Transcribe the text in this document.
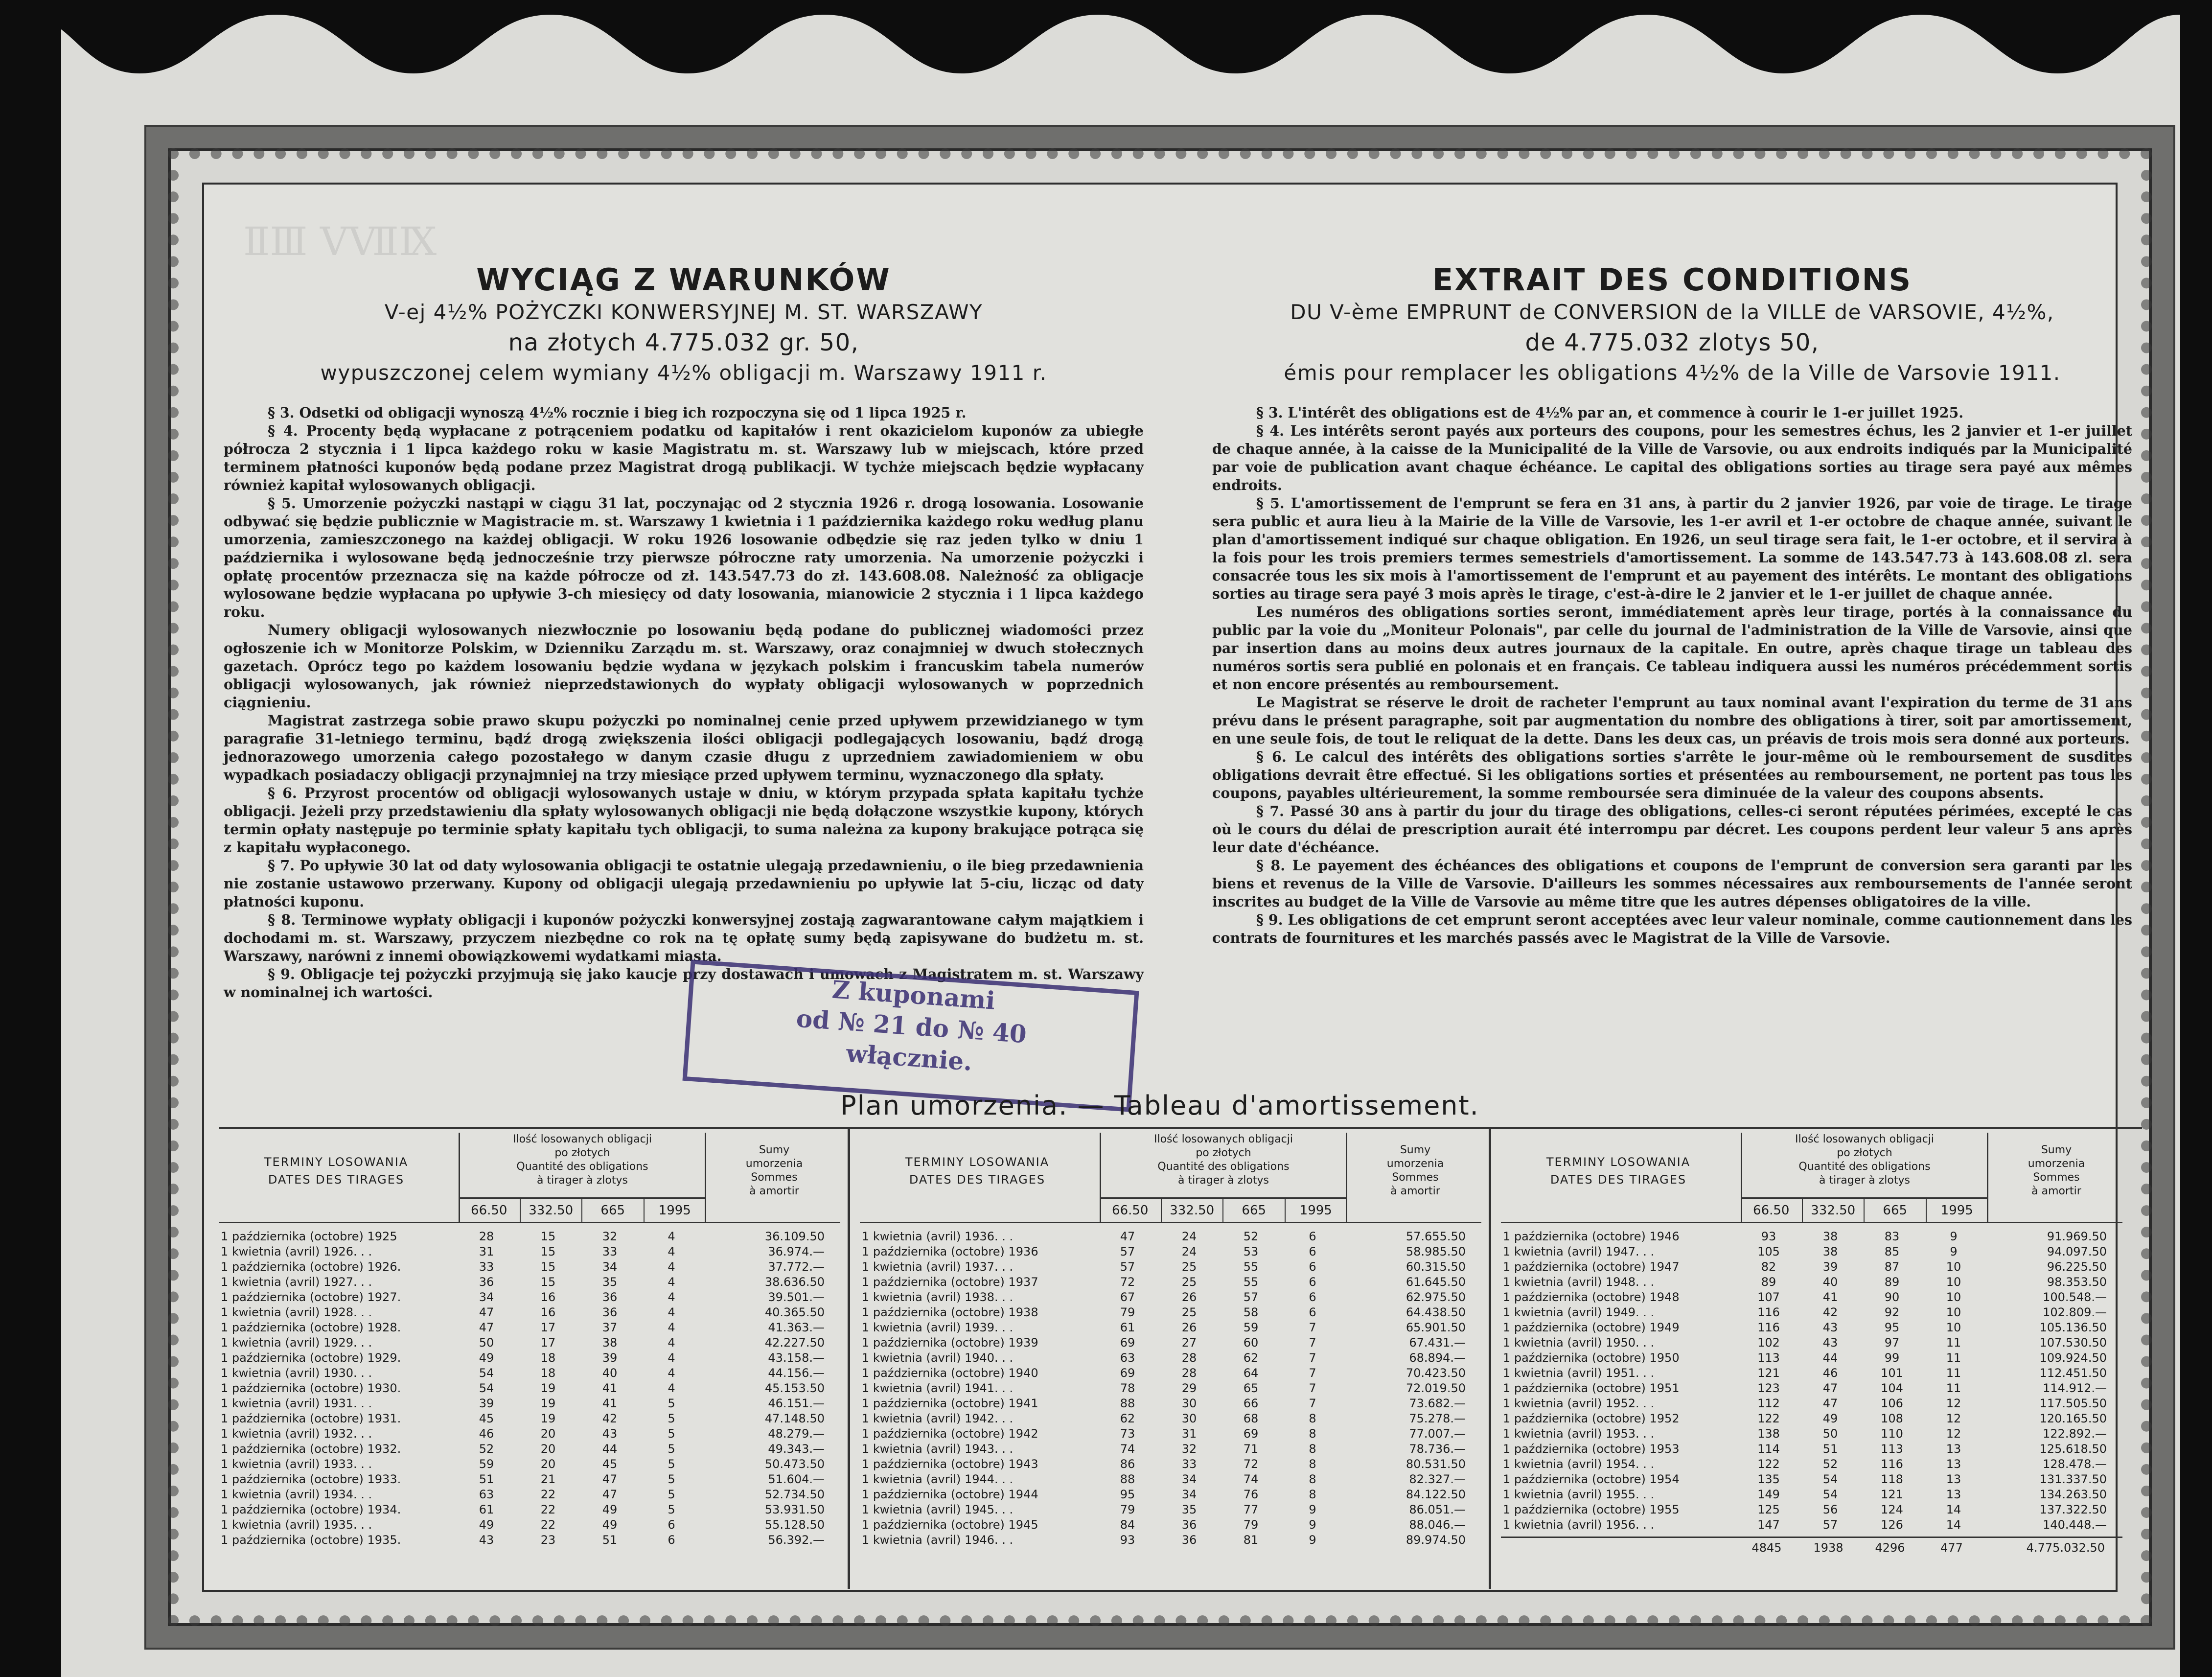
ⅡⅢ ⅤⅦⅨ
WYCIĄG Z WARUNKÓW
V-ej 4½% POŻYCZKI KONWERSYJNEJ M. ST. WARSZAWY
na złotych 4.775.032 gr. 50,
wypuszczonej celem wymiany 4½% obligacji m. Warszawy 1911 r.

§ 3. Odsetki od obligacji wynoszą 4½% rocznie i bieg ich rozpoczyna się od 1 lipca 1925 r.

§ 4. Procenty będą wypłacane z potrąceniem podatku od kapitałów i rent okazicielom kuponów za ubiegłe półrocza 2 stycznia i 1 lipca każdego roku w kasie Magistratu m. st. Warszawy lub w miejscach, które przed terminem płatności kuponów będą podane przez Magistrat drogą publikacji. W tychże miejscach będzie wypłacany również kapitał wylosowanych obligacji.

§ 5. Umorzenie pożyczki nastąpi w ciągu 31 lat, poczynając od 2 stycznia 1926 r. drogą losowania. Losowanie odbywać się będzie publicznie w Magistracie m. st. Warszawy 1 kwietnia i 1 października każdego roku według planu umorzenia, zamieszczonego na każdej obligacji. W roku 1926 losowanie odbędzie się raz jeden tylko w dniu 1 października i wylosowane będą jednocześnie trzy pierwsze półroczne raty umorzenia. Na umorzenie pożyczki i opłatę procentów przeznacza się na każde półrocze od zł. 143.547.73 do zł. 143.608.08. Należność za obligacje wylosowane będzie wypłacana po upływie 3-ch miesięcy od daty losowania, mianowicie 2 stycznia i 1 lipca każdego roku.

Numery obligacji wylosowanych niezwłocznie po losowaniu będą podane do publicznej wiadomości przez ogłoszenie ich w Monitorze Polskim, w Dzienniku Zarządu m. st. Warszawy, oraz conajmniej w dwuch stołecznych gazetach. Oprócz tego po każdem losowaniu będzie wydana w językach polskim i francuskim tabela numerów obligacji wylosowanych, jak również nieprzedstawionych do wypłaty obligacji wylosowanych w poprzednich ciągnieniu.

Magistrat zastrzega sobie prawo skupu pożyczki po nominalnej cenie przed upływem przewidzianego w tym paragrafie 31-letniego terminu, bądź drogą zwiększenia ilości obligacji podlegających losowaniu, bądź drogą jednorazowego umorzenia całego pozostałego w danym czasie długu z uprzedniem zawiadomieniem w obu wypadkach posiadaczy obligacji przynajmniej na trzy miesiące przed upływem terminu, wyznaczonego dla spłaty.

§ 6. Przyrost procentów od obligacji wylosowanych ustaje w dniu, w którym przypada spłata kapitału tychże obligacji. Jeżeli przy przedstawieniu dla spłaty wylosowanych obligacji nie będą dołączone wszystkie kupony, których termin opłaty następuje po terminie spłaty kapitału tych obligacji, to suma należna za kupony brakujące potrąca się z kapitału wypłaconego.

§ 7. Po upływie 30 lat od daty wylosowania obligacji te ostatnie ulegają przedawnieniu, o ile bieg przedawnienia nie zostanie ustawowo przerwany. Kupony od obligacji ulegają przedawnieniu po upływie lat 5-ciu, licząc od daty płatności kuponu.

§ 8. Terminowe wypłaty obligacji i kuponów pożyczki konwersyjnej zostają zagwarantowane całym majątkiem i dochodami m. st. Warszawy, przyczem niezbędne co rok na tę opłatę sumy będą zapisywane do budżetu m. st. Warszawy, narówni z innemi obowiązkowemi wydatkami miasta.

§ 9. Obligacje tej pożyczki przyjmują się jako kaucje przy dostawach i umowach z Magistratem m. st. Warszawy w nominalnej ich wartości.

EXTRAIT DES CONDITIONS
DU V-ème EMPRUNT de CONVERSION de la VILLE de VARSOVIE, 4½%,
de 4.775.032 zlotys 50,
émis pour remplacer les obligations 4½% de la Ville de Varsovie 1911.

§ 3. L'intérêt des obligations est de 4½% par an, et commence à courir le 1-er juillet 1925.

§ 4. Les intérêts seront payés aux porteurs des coupons, pour les semestres échus, les 2 janvier et 1-er juillet de chaque année, à la caisse de la Municipalité de la Ville de Varsovie, ou aux endroits indiqués par la Municipalité par voie de publication avant chaque échéance. Le capital des obligations sorties au tirage sera payé aux mêmes endroits.

§ 5. L'amortissement de l'emprunt se fera en 31 ans, à partir du 2 janvier 1926, par voie de tirage. Le tirage sera public et aura lieu à la Mairie de la Ville de Varsovie, les 1-er avril et 1-er octobre de chaque année, suivant le plan d'amortissement indiqué sur chaque obligation. En 1926, un seul tirage sera fait, le 1-er octobre, et il servira à la fois pour les trois premiers termes semestriels d'amortissement. La somme de 143.547.73 à 143.608.08 zl. sera consacrée tous les six mois à l'amortissement de l'emprunt et au payement des intérêts. Le montant des obligations sorties au tirage sera payé 3 mois après le tirage, c'est-à-dire le 2 janvier et le 1-er juillet de chaque année.

Les numéros des obligations sorties seront, immédiatement après leur tirage, portés à la connaissance du public par la voie du „Moniteur Polonais", par celle du journal de l'administration de la Ville de Varsovie, ainsi que par insertion dans au moins deux autres journaux de la capitale. En outre, après chaque tirage un tableau des numéros sortis sera publié en polonais et en français. Ce tableau indiquera aussi les numéros précédemment sortis et non encore présentés au remboursement.

Le Magistrat se réserve le droit de racheter l'emprunt au taux nominal avant l'expiration du terme de 31 ans prévu dans le présent paragraphe, soit par augmentation du nombre des obligations à tirer, soit par amortissement, en une seule fois, de tout le reliquat de la dette. Dans les deux cas, un préavis de trois mois sera donné aux porteurs.

§ 6. Le calcul des intérêts des obligations sorties s'arrête le jour-même où le remboursement de susdites obligations devrait être effectué. Si les obligations sorties et présentées au remboursement, ne portent pas tous les coupons, payables ultérieurement, la somme remboursée sera diminuée de la valeur des coupons absents.

§ 7. Passé 30 ans à partir du jour du tirage des obligations, celles-ci seront réputées périmées, excepté le cas où le cours du délai de prescription aurait été interrompu par décret. Les coupons perdent leur valeur 5 ans après leur date d'échéance.

§ 8. Le payement des échéances des obligations et coupons de l'emprunt de conversion sera garanti par les biens et revenus de la Ville de Varsovie. D'ailleurs les sommes nécessaires aux remboursements de l'année seront inscrites au budget de la Ville de Varsovie au même titre que les autres dépenses obligatoires de la ville.

§ 9. Les obligations de cet emprunt seront acceptées avec leur valeur nominale, comme cautionnement dans les contrats de fournitures et les marchés passés avec le Magistrat de la Ville de Varsovie.

Z kuponami
od № 21 do № 40
włącznie.
Plan umorzenia. — Tableau d'amortissement.
TERMINY LOSOWANIA
DATES DES TIRAGES
Ilość losowanych obligacji
po złotych
Quantité des obligations
à tirager à zlotys
Sumy
umorzenia
Sommes
à amortir
66.50	332.50	665	1995
1 października (octobre) 1925	28	15	32	4	36.109.50
1 kwietnia (avril) 1926. . .	31	15	33	4	36.974.—
1 października (octobre) 1926.	33	15	34	4	37.772.—
1 kwietnia (avril) 1927. . .	36	15	35	4	38.636.50
1 października (octobre) 1927.	34	16	36	4	39.501.—
1 kwietnia (avril) 1928. . .	47	16	36	4	40.365.50
1 października (octobre) 1928.	47	17	37	4	41.363.—
1 kwietnia (avril) 1929. . .	50	17	38	4	42.227.50
1 października (octobre) 1929.	49	18	39	4	43.158.—
1 kwietnia (avril) 1930. . .	54	18	40	4	44.156.—
1 października (octobre) 1930.	54	19	41	4	45.153.50
1 kwietnia (avril) 1931. . .	39	19	41	5	46.151.—
1 października (octobre) 1931.	45	19	42	5	47.148.50
1 kwietnia (avril) 1932. . .	46	20	43	5	48.279.—
1 października (octobre) 1932.	52	20	44	5	49.343.—
1 kwietnia (avril) 1933. . .	59	20	45	5	50.473.50
1 października (octobre) 1933.	51	21	47	5	51.604.—
1 kwietnia (avril) 1934. . .	63	22	47	5	52.734.50
1 października (octobre) 1934.	61	22	49	5	53.931.50
1 kwietnia (avril) 1935. . .	49	22	49	6	55.128.50
1 października (octobre) 1935.	43	23	51	6	56.392.—
TERMINY LOSOWANIA
DATES DES TIRAGES
Ilość losowanych obligacji
po złotych
Quantité des obligations
à tirager à zlotys
Sumy
umorzenia
Sommes
à amortir
66.50	332.50	665	1995
1 kwietnia (avril) 1936. . .	47	24	52	6	57.655.50
1 października (octobre) 1936	57	24	53	6	58.985.50
1 kwietnia (avril) 1937. . .	57	25	55	6	60.315.50
1 października (octobre) 1937	72	25	55	6	61.645.50
1 kwietnia (avril) 1938. . .	67	26	57	6	62.975.50
1 października (octobre) 1938	79	25	58	6	64.438.50
1 kwietnia (avril) 1939. . .	61	26	59	7	65.901.50
1 października (octobre) 1939	69	27	60	7	67.431.—
1 kwietnia (avril) 1940. . .	63	28	62	7	68.894.—
1 października (octobre) 1940	69	28	64	7	70.423.50
1 kwietnia (avril) 1941. . .	78	29	65	7	72.019.50
1 października (octobre) 1941	88	30	66	7	73.682.—
1 kwietnia (avril) 1942. . .	62	30	68	8	75.278.—
1 października (octobre) 1942	73	31	69	8	77.007.—
1 kwietnia (avril) 1943. . .	74	32	71	8	78.736.—
1 października (octobre) 1943	86	33	72	8	80.531.50
1 kwietnia (avril) 1944. . .	88	34	74	8	82.327.—
1 października (octobre) 1944	95	34	76	8	84.122.50
1 kwietnia (avril) 1945. . .	79	35	77	9	86.051.—
1 października (octobre) 1945	84	36	79	9	88.046.—
1 kwietnia (avril) 1946. . .	93	36	81	9	89.974.50
TERMINY LOSOWANIA
DATES DES TIRAGES
Ilość losowanych obligacji
po złotych
Quantité des obligations
à tirager à zlotys
Sumy
umorzenia
Sommes
à amortir
66.50	332.50	665	1995
1 października (octobre) 1946	93	38	83	9	91.969.50
1 kwietnia (avril) 1947. . .	105	38	85	9	94.097.50
1 października (octobre) 1947	82	39	87	10	96.225.50
1 kwietnia (avril) 1948. . .	89	40	89	10	98.353.50
1 października (octobre) 1948	107	41	90	10	100.548.—
1 kwietnia (avril) 1949. . .	116	42	92	10	102.809.—
1 października (octobre) 1949	116	43	95	10	105.136.50
1 kwietnia (avril) 1950. . .	102	43	97	11	107.530.50
1 października (octobre) 1950	113	44	99	11	109.924.50
1 kwietnia (avril) 1951. . .	121	46	101	11	112.451.50
1 października (octobre) 1951	123	47	104	11	114.912.—
1 kwietnia (avril) 1952. . .	112	47	106	12	117.505.50
1 października (octobre) 1952	122	49	108	12	120.165.50
1 kwietnia (avril) 1953. . .	138	50	110	12	122.892.—
1 października (octobre) 1953	114	51	113	13	125.618.50
1 kwietnia (avril) 1954. . .	122	52	116	13	128.478.—
1 października (octobre) 1954	135	54	118	13	131.337.50
1 kwietnia (avril) 1955. . .	149	54	121	13	134.263.50
1 października (octobre) 1955	125	56	124	14	137.322.50
1 kwietnia (avril) 1956. . .	147	57	126	14	140.448.—
4845	1938	4296	477	4.775.032.50
